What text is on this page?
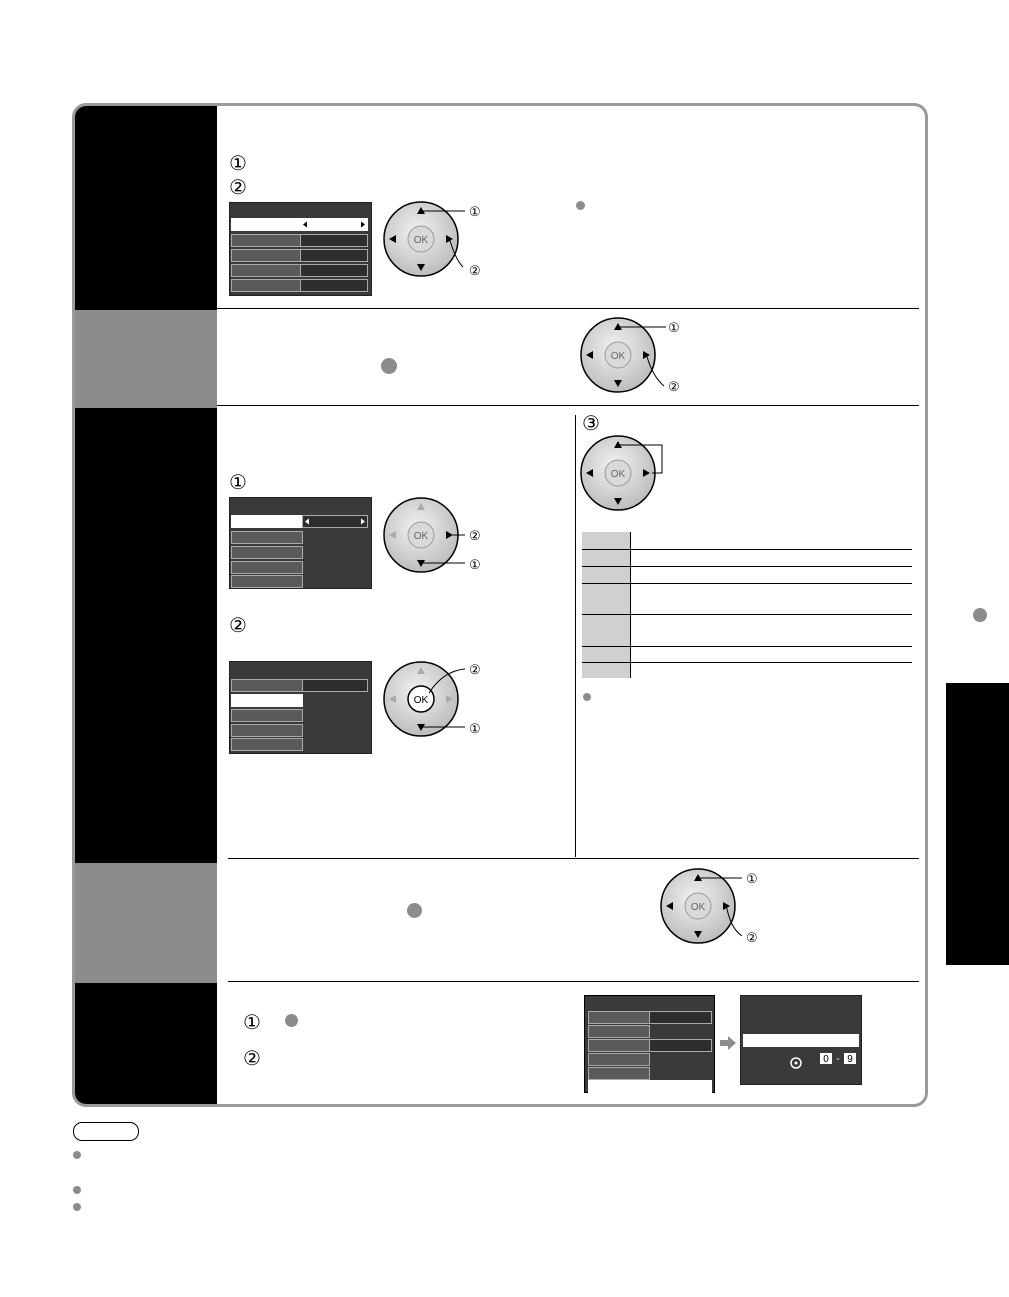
①
②
OK
①
②
OK
①
②
①
OK	②
①
②
OK
②
①
③
OK

OK
①
②
①
②	0 - 9
